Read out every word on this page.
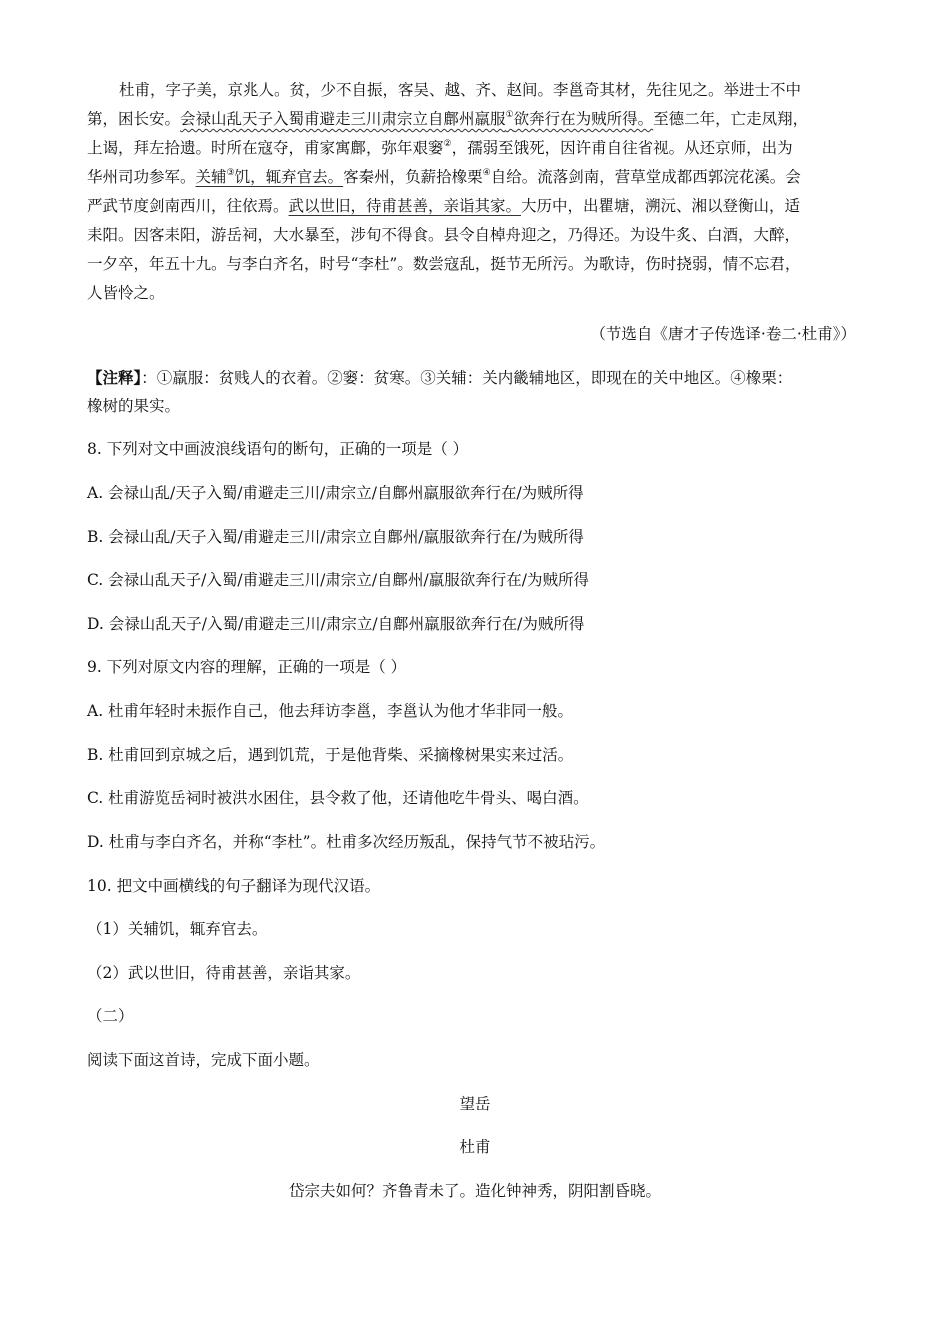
杜甫，字子美，京兆人。贫，少不自振，客吴、越、齐、赵间。李邕奇其材，先往见之。举进士不中
第，困长安。会禄山乱天子入蜀甫避走三川肃宗立自鄜州羸服①欲奔行在为贼所得。至德二年，亡走凤翔，
上谒，拜左拾遗。时所在寇夺，甫家寓鄜，弥年艰窭②，孺弱至饿死，因许甫自往省视。从还京师，出为
华州司功参军。关辅③饥，辄弃官去。客秦州，负薪拾橡栗④自给。流落剑南，营草堂成都西郭浣花溪。会
严武节度剑南西川，往依焉。武以世旧，待甫甚善，亲诣其家。大历中，出瞿塘，溯沅、湘以登衡山，适
耒阳。因客耒阳，游岳祠，大水暴至，涉旬不得食。县令自棹舟迎之，乃得还。为设牛炙、白酒，大醉，
一夕卒，年五十九。与李白齐名，时号“李杜”。数尝寇乱，挺节无所污。为歌诗，伤时挠弱，情不忘君，
人皆怜之。
（节选自《唐才子传选译·卷二·杜甫》）
【注释】：①羸服：贫贱人的衣着。②窭：贫寒。③关辅：关内畿辅地区，即现在的关中地区。④橡栗：
橡树的果实。
8. 下列对文中画波浪线语句的断句，正确的一项是（ ）
A. 会禄山乱/天子入蜀/甫避走三川/肃宗立/自鄜州羸服欲奔行在/为贼所得
B. 会禄山乱/天子入蜀/甫避走三川/肃宗立自鄜州/羸服欲奔行在/为贼所得
C. 会禄山乱天子/入蜀/甫避走三川/肃宗立/自鄜州/羸服欲奔行在/为贼所得
D. 会禄山乱天子/入蜀/甫避走三川/肃宗立/自鄜州羸服欲奔行在/为贼所得
9. 下列对原文内容的理解，正确的一项是（ ）
A. 杜甫年轻时未振作自己，他去拜访李邕，李邕认为他才华非同一般。
B. 杜甫回到京城之后，遇到饥荒，于是他背柴、采摘橡树果实来过活。
C. 杜甫游览岳祠时被洪水困住，县令救了他，还请他吃牛骨头、喝白酒。
D. 杜甫与李白齐名，并称“李杜”。杜甫多次经历叛乱，保持气节不被玷污。
10. 把文中画横线的句子翻译为现代汉语。
（1）关辅饥，辄弃官去。
（2）武以世旧，待甫甚善，亲诣其家。
（二）
阅读下面这首诗，完成下面小题。
望岳
杜甫
岱宗夫如何？齐鲁青未了。造化钟神秀，阴阳割昏晓。
